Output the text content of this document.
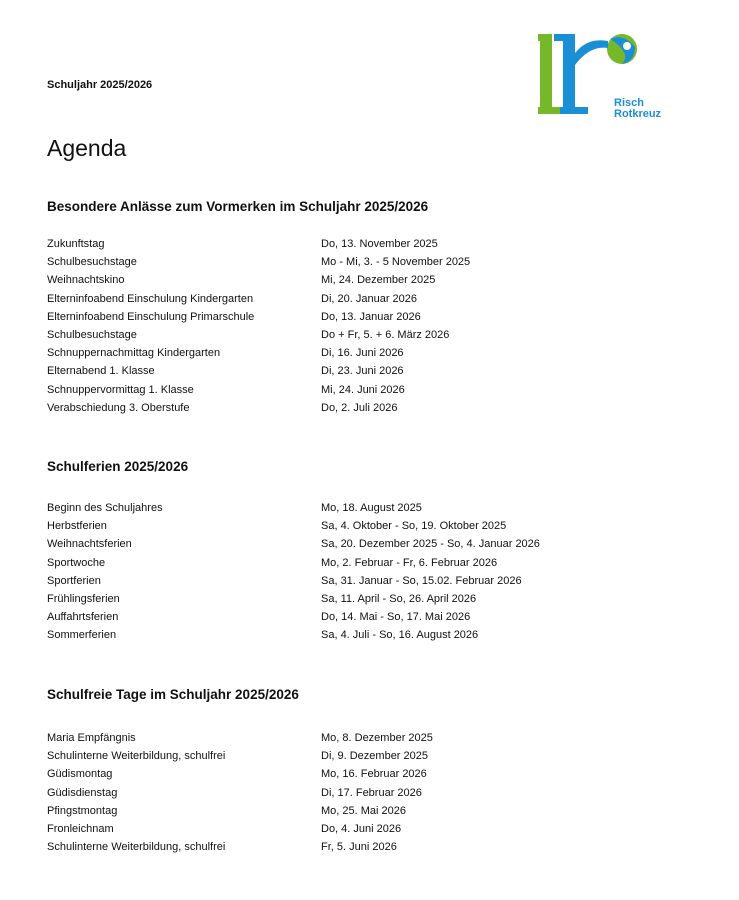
Schuljahr 2025/2026
Risch
Rotkreuz
Agenda
Besondere Anlässe zum Vormerken im Schuljahr 2025/2026
Zukunftstag	Do, 13. November 2025
Schulbesuchstage	Mo - Mi, 3. - 5 November 2025
Weihnachtskino	Mi, 24. Dezember 2025
Elterninfoabend Einschulung Kindergarten	Di, 20. Januar 2026
Elterninfoabend Einschulung Primarschule	Do, 13. Januar 2026
Schulbesuchstage	Do + Fr, 5. + 6. März 2026
Schnuppernachmittag Kindergarten	Di, 16. Juni 2026
Elternabend 1. Klasse	Di, 23. Juni 2026
Schnuppervormittag 1. Klasse	Mi, 24. Juni 2026
Verabschiedung 3. Oberstufe	Do, 2. Juli 2026
Schulferien 2025/2026
Beginn des Schuljahres	Mo, 18. August 2025
Herbstferien	Sa, 4. Oktober - So, 19. Oktober 2025
Weihnachtsferien	Sa, 20. Dezember 2025 - So, 4. Januar 2026
Sportwoche	Mo, 2. Februar - Fr, 6. Februar 2026
Sportferien	Sa, 31. Januar - So, 15.02. Februar 2026
Frühlingsferien	Sa, 11. April - So, 26. April 2026
Auffahrtsferien	Do, 14. Mai - So, 17. Mai 2026
Sommerferien	Sa, 4. Juli - So, 16. August 2026
Schulfreie Tage im Schuljahr 2025/2026
Maria Empfängnis	Mo, 8. Dezember 2025
Schulinterne Weiterbildung, schulfrei	Di, 9. Dezember 2025
Güdismontag	Mo, 16. Februar 2026
Güdisdienstag	Di, 17. Februar 2026
Pfingstmontag	Mo, 25. Mai 2026
Fronleichnam	Do, 4. Juni 2026
Schulinterne Weiterbildung, schulfrei	Fr, 5. Juni 2026
